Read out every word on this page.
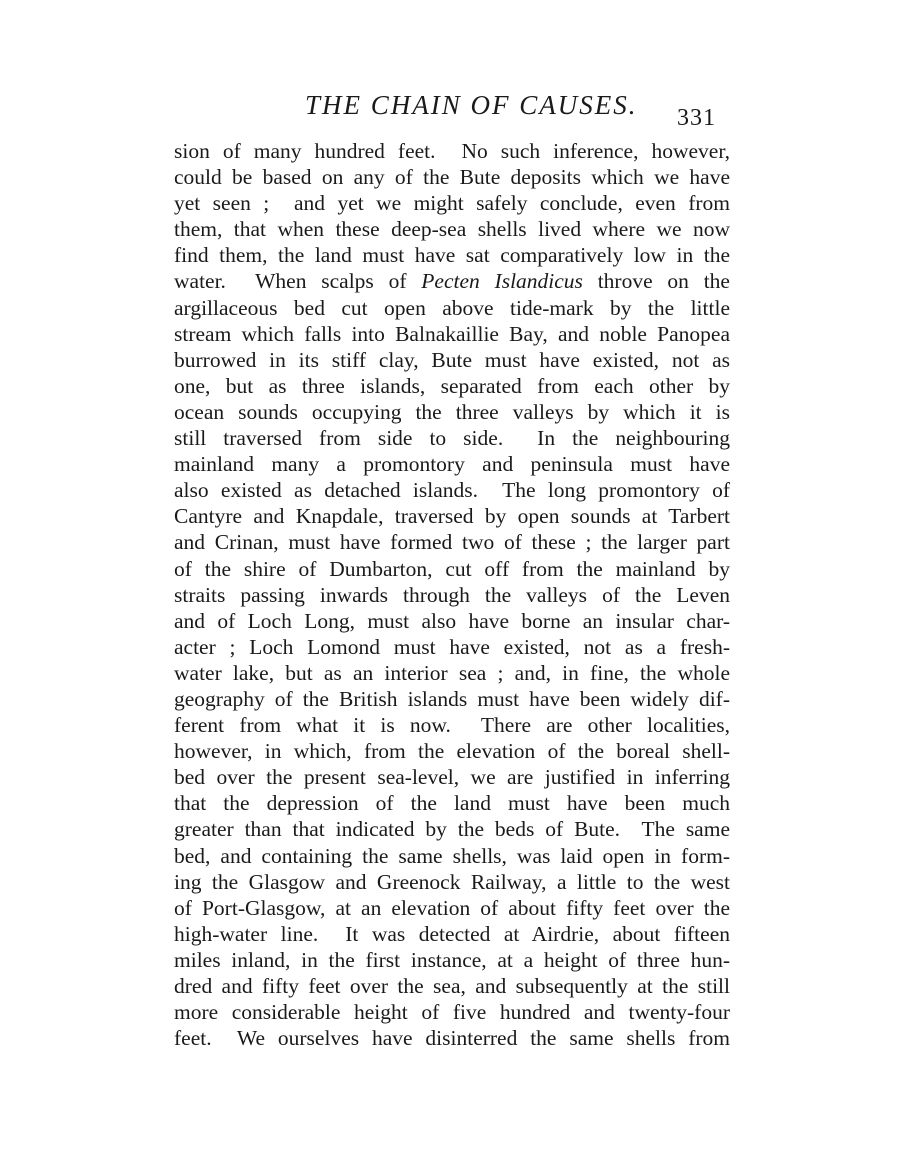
THE CHAIN OF CAUSES. 331
sion of many hundred feet.  No such inference, however,
could be based on any of the Bute deposits which we have
yet seen ;  and yet we might safely conclude, even from
them, that when these deep-sea shells lived where we now
find them, the land must have sat comparatively low in the
water.  When scalps of Pecten Islandicus throve on the
argillaceous bed cut open above tide-mark by the little
stream which falls into Balnakaillie Bay, and noble Panopea
burrowed in its stiff clay, Bute must have existed, not as
one, but as three islands, separated from each other by
ocean sounds occupying the three valleys by which it is
still traversed from side to side.  In the neighbouring
mainland many a promontory and peninsula must have
also existed as detached islands.  The long promontory of
Cantyre and Knapdale, traversed by open sounds at Tarbert
and Crinan, must have formed two of these ; the larger part
of the shire of Dumbarton, cut off from the mainland by
straits passing inwards through the valleys of the Leven
and of Loch Long, must also have borne an insular char-
acter ; Loch Lomond must have existed, not as a fresh-
water lake, but as an interior sea ; and, in fine, the whole
geography of the British islands must have been widely dif-
ferent from what it is now.  There are other localities,
however, in which, from the elevation of the boreal shell-
bed over the present sea-level, we are justified in inferring
that the depression of the land must have been much
greater than that indicated by the beds of Bute.  The same
bed, and containing the same shells, was laid open in form-
ing the Glasgow and Greenock Railway, a little to the west
of Port-Glasgow, at an elevation of about fifty feet over the
high-water line.  It was detected at Airdrie, about fifteen
miles inland, in the first instance, at a height of three hun-
dred and fifty feet over the sea, and subsequently at the still
more considerable height of five hundred and twenty-four
feet.  We ourselves have disinterred the same shells from
